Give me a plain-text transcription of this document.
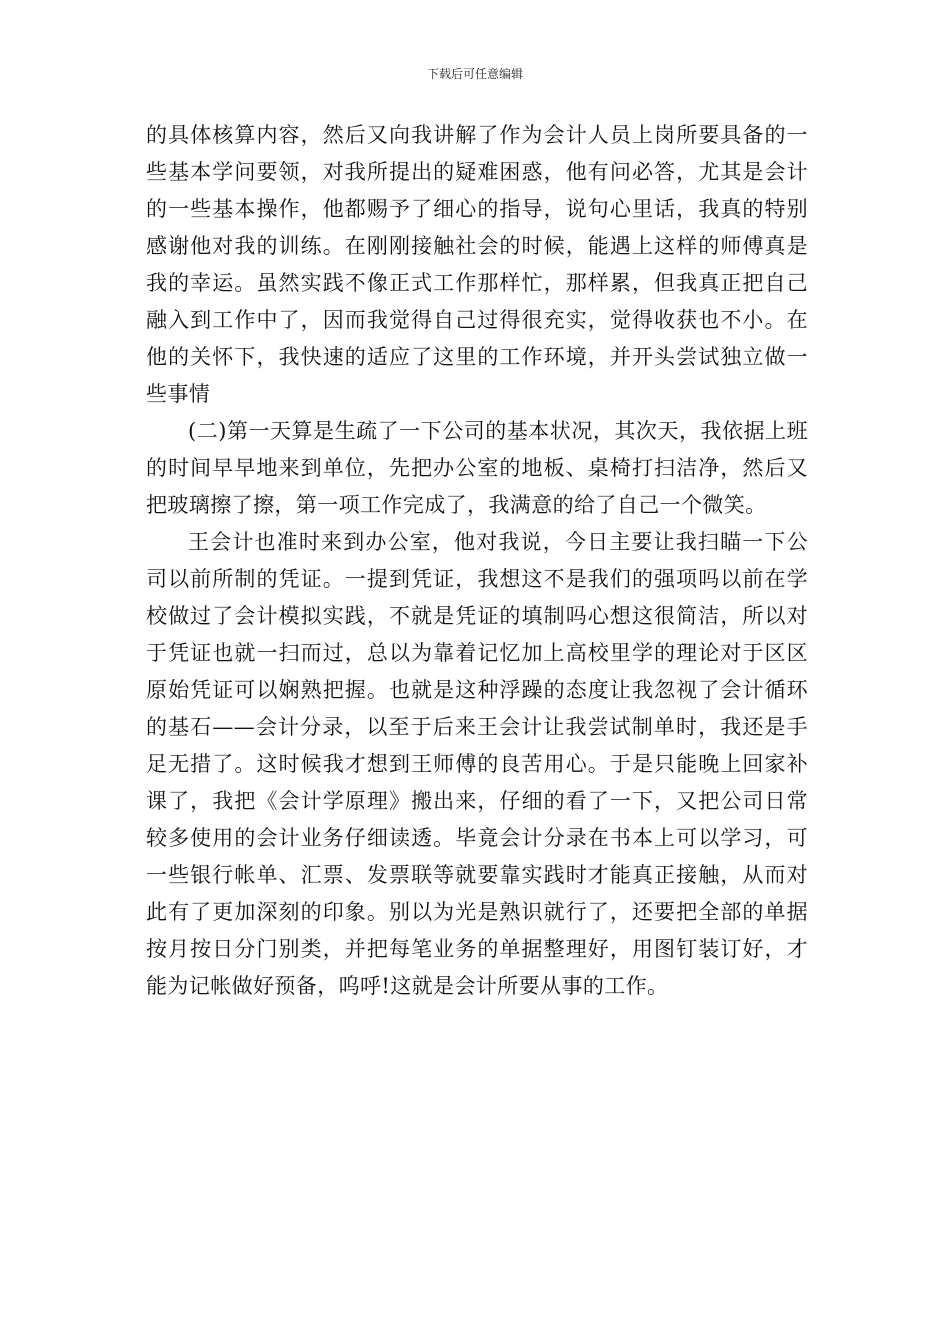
下载后可任意编辑

的具体核算内容，然后又向我讲解了作为会计人员上岗所要具备的一些基本学问要领，对我所提出的疑难困惑，他有问必答，尤其是会计的一些基本操作，他都赐予了细心的指导，说句心里话，我真的特别感谢他对我的训练。在刚刚接触社会的时候，能遇上这样的师傅真是我的幸运。虽然实践不像正式工作那样忙，那样累，但我真正把自己融入到工作中了，因而我觉得自己过得很充实，觉得收获也不小。在他的关怀下，我快速的适应了这里的工作环境，并开头尝试独立做一些事情

(二)第一天算是生疏了一下公司的基本状况，其次天，我依据上班的时间早早地来到单位，先把办公室的地板、桌椅打扫洁净，然后又把玻璃擦了擦，第一项工作完成了，我满意的给了自己一个微笑。

王会计也准时来到办公室，他对我说，今日主要让我扫瞄一下公司以前所制的凭证。一提到凭证，我想这不是我们的强项吗以前在学校做过了会计模拟实践，不就是凭证的填制吗心想这很简洁，所以对于凭证也就一扫而过，总以为靠着记忆加上高校里学的理论对于区区原始凭证可以娴熟把握。也就是这种浮躁的态度让我忽视了会计循环的基石——会计分录，以至于后来王会计让我尝试制单时，我还是手足无措了。这时候我才想到王师傅的良苦用心。于是只能晚上回家补课了，我把《会计学原理》搬出来，仔细的看了一下，又把公司日常较多使用的会计业务仔细读透。毕竟会计分录在书本上可以学习，可一些银行帐单、汇票、发票联等就要靠实践时才能真正接触，从而对此有了更加深刻的印象。别以为光是熟识就行了，还要把全部的单据按月按日分门别类，并把每笔业务的单据整理好，用图钉装订好，才能为记帐做好预备，呜呼!这就是会计所要从事的工作。
